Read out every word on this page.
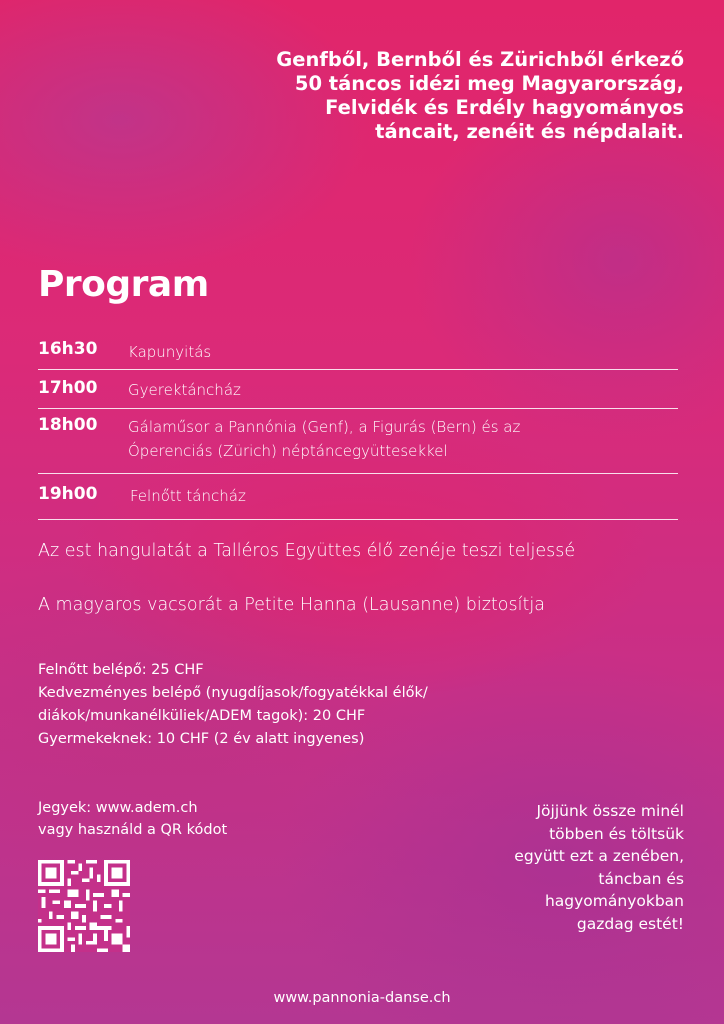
Genfből, Bernből és Zürichből érkező
50 táncos idézi meg Magyarország,
Felvidék és Erdély hagyományos
táncait, zenéit és népdalait.
Program
16h30 Kapunyitás
17h00 Gyerektáncház
18h00 Gálaműsor a Pannónia (Genf), a Figurás (Bern) és az Óperenciás (Zürich) néptáncegyüttesekkel
19h00 Felnőtt táncház

Az est hangulatát a Talléros Együttes élő zenéje teszi teljessé

A magyaros vacsorát a Petite Hanna (Lausanne) biztosítja

Felnőtt belépő: 25 CHF
Kedvezményes belépő (nyugdíjasok/fogyatékkal élők/
diákok/munkanélküliek/ADEM tagok): 20 CHF
Gyermekeknek: 10 CHF (2 év alatt ingyenes)
Jegyek: www.adem.ch
vagy használd a QR kódot
Jöjjünk össze minél
többen és töltsük
együtt ezt a zenében,
táncban és
hagyományokban
gazdag estét!
www.pannonia-danse.ch
